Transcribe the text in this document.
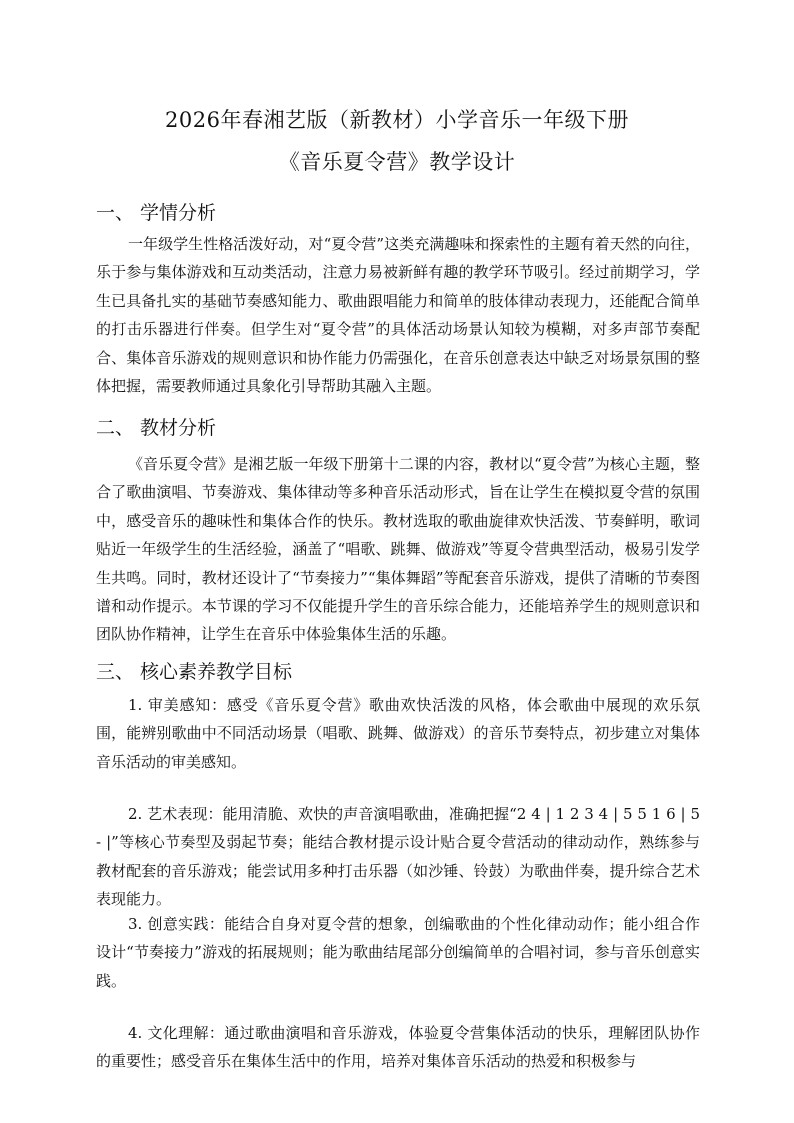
2026年春湘艺版（新教材）小学音乐一年级下册
《音乐夏令营》教学设计
一、 学情分析

一年级学生性格活泼好动，对“夏令营”这类充满趣味和探索性的主题有着天然的向往，乐于参与集体游戏和互动类活动，注意力易被新鲜有趣的教学环节吸引。经过前期学习，学生已具备扎实的基础节奏感知能力、歌曲跟唱能力和简单的肢体律动表现力，还能配合简单的打击乐器进行伴奏。但学生对“夏令营”的具体活动场景认知较为模糊，对多声部节奏配合、集体音乐游戏的规则意识和协作能力仍需强化，在音乐创意表达中缺乏对场景氛围的整体把握，需要教师通过具象化引导帮助其融入主题。

二、 教材分析

《音乐夏令营》是湘艺版一年级下册第十二课的内容，教材以“夏令营”为核心主题，整合了歌曲演唱、节奏游戏、集体律动等多种音乐活动形式，旨在让学生在模拟夏令营的氛围中，感受音乐的趣味性和集体合作的快乐。教材选取的歌曲旋律欢快活泼、节奏鲜明，歌词贴近一年级学生的生活经验，涵盖了“唱歌、跳舞、做游戏”等夏令营典型活动，极易引发学生共鸣。同时，教材还设计了“节奏接力”“集体舞蹈”等配套音乐游戏，提供了清晰的节奏图谱和动作提示。本节课的学习不仅能提升学生的音乐综合能力，还能培养学生的规则意识和团队协作精神，让学生在音乐中体验集体生活的乐趣。

三、 核心素养教学目标

1. 审美感知：感受《音乐夏令营》歌曲欢快活泼的风格，体会歌曲中展现的欢乐氛围，能辨别歌曲中不同活动场景（唱歌、跳舞、做游戏）的音乐节奏特点，初步建立对集体音乐活动的审美感知。

2. 艺术表现：能用清脆、欢快的声音演唱歌曲，准确把握“2 4 | 1 2 3 4 | 5 5 1 6 | 5 - |”等核心节奏型及弱起节奏；能结合教材提示设计贴合夏令营活动的律动动作，熟练参与教材配套的音乐游戏；能尝试用多种打击乐器（如沙锤、铃鼓）为歌曲伴奏，提升综合艺术表现能力。

3. 创意实践：能结合自身对夏令营的想象，创编歌曲的个性化律动动作；能小组合作设计“节奏接力”游戏的拓展规则；能为歌曲结尾部分创编简单的合唱衬词，参与音乐创意实践。

4. 文化理解：通过歌曲演唱和音乐游戏，体验夏令营集体活动的快乐，理解团队协作的重要性；感受音乐在集体生活中的作用，培养对集体音乐活动的热爱和积极参与
